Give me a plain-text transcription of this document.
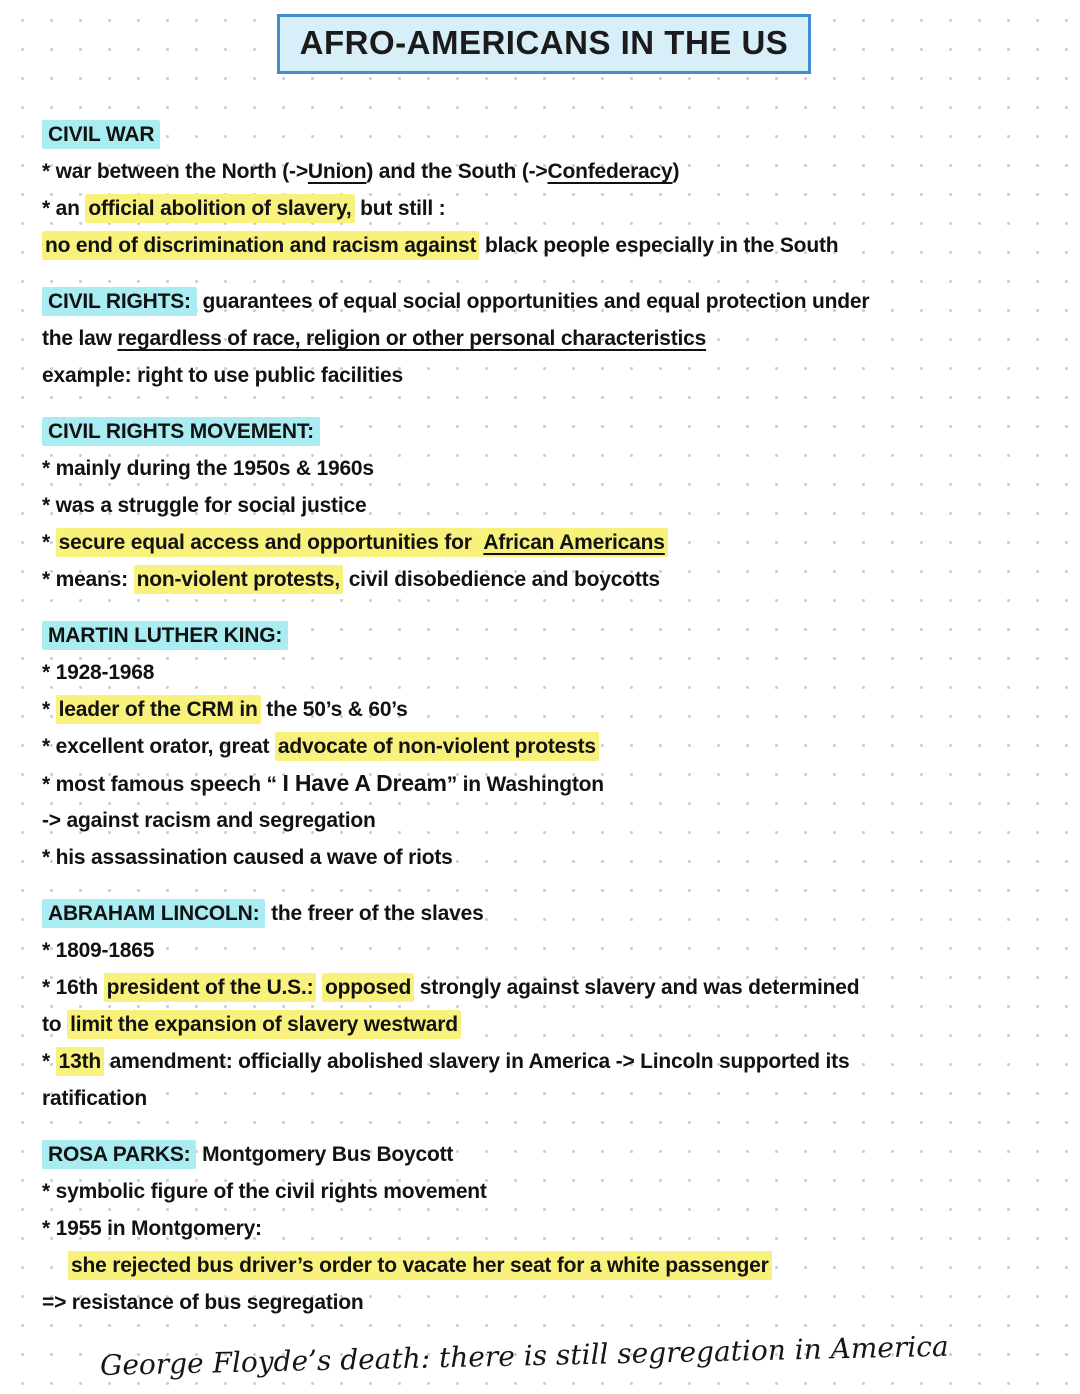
AFRO-AMERICANS IN THE US
CIVIL WAR
* war between the North (->Union) and the South (->Confederacy)
* an official abolition of slavery, but still :
no end of discrimination and racism against black people especially in the South
CIVIL RIGHTS: guarantees of equal social opportunities and equal protection under
the law regardless of race, religion or other personal characteristics
example: right to use public facilities
CIVIL RIGHTS MOVEMENT:
* mainly during the 1950s & 1960s
* was a struggle for social justice
* secure equal access and opportunities for African Americans
* means: non-violent protests, civil disobedience and boycotts
MARTIN LUTHER KING:
* 1928-1968
* leader of the CRM in the 50’s & 60’s
* excellent orator, great advocate of non-violent protests
* most famous speech “ I Have A Dream” in Washington
-> against racism and segregation
* his assassination caused a wave of riots
ABRAHAM LINCOLN: the freer of the slaves
* 1809-1865
* 16th president of the U.S.: opposed strongly against slavery and was determined
to limit the expansion of slavery westward
* 13th amendment: officially abolished slavery in America -> Lincoln supported its
ratification
ROSA PARKS: Montgomery Bus Boycott
* symbolic figure of the civil rights movement
* 1955 in Montgomery:
she rejected bus driver’s order to vacate her seat for a white passenger
=> resistance of bus segregation
George Floyde’s death: there is still segregation in America
